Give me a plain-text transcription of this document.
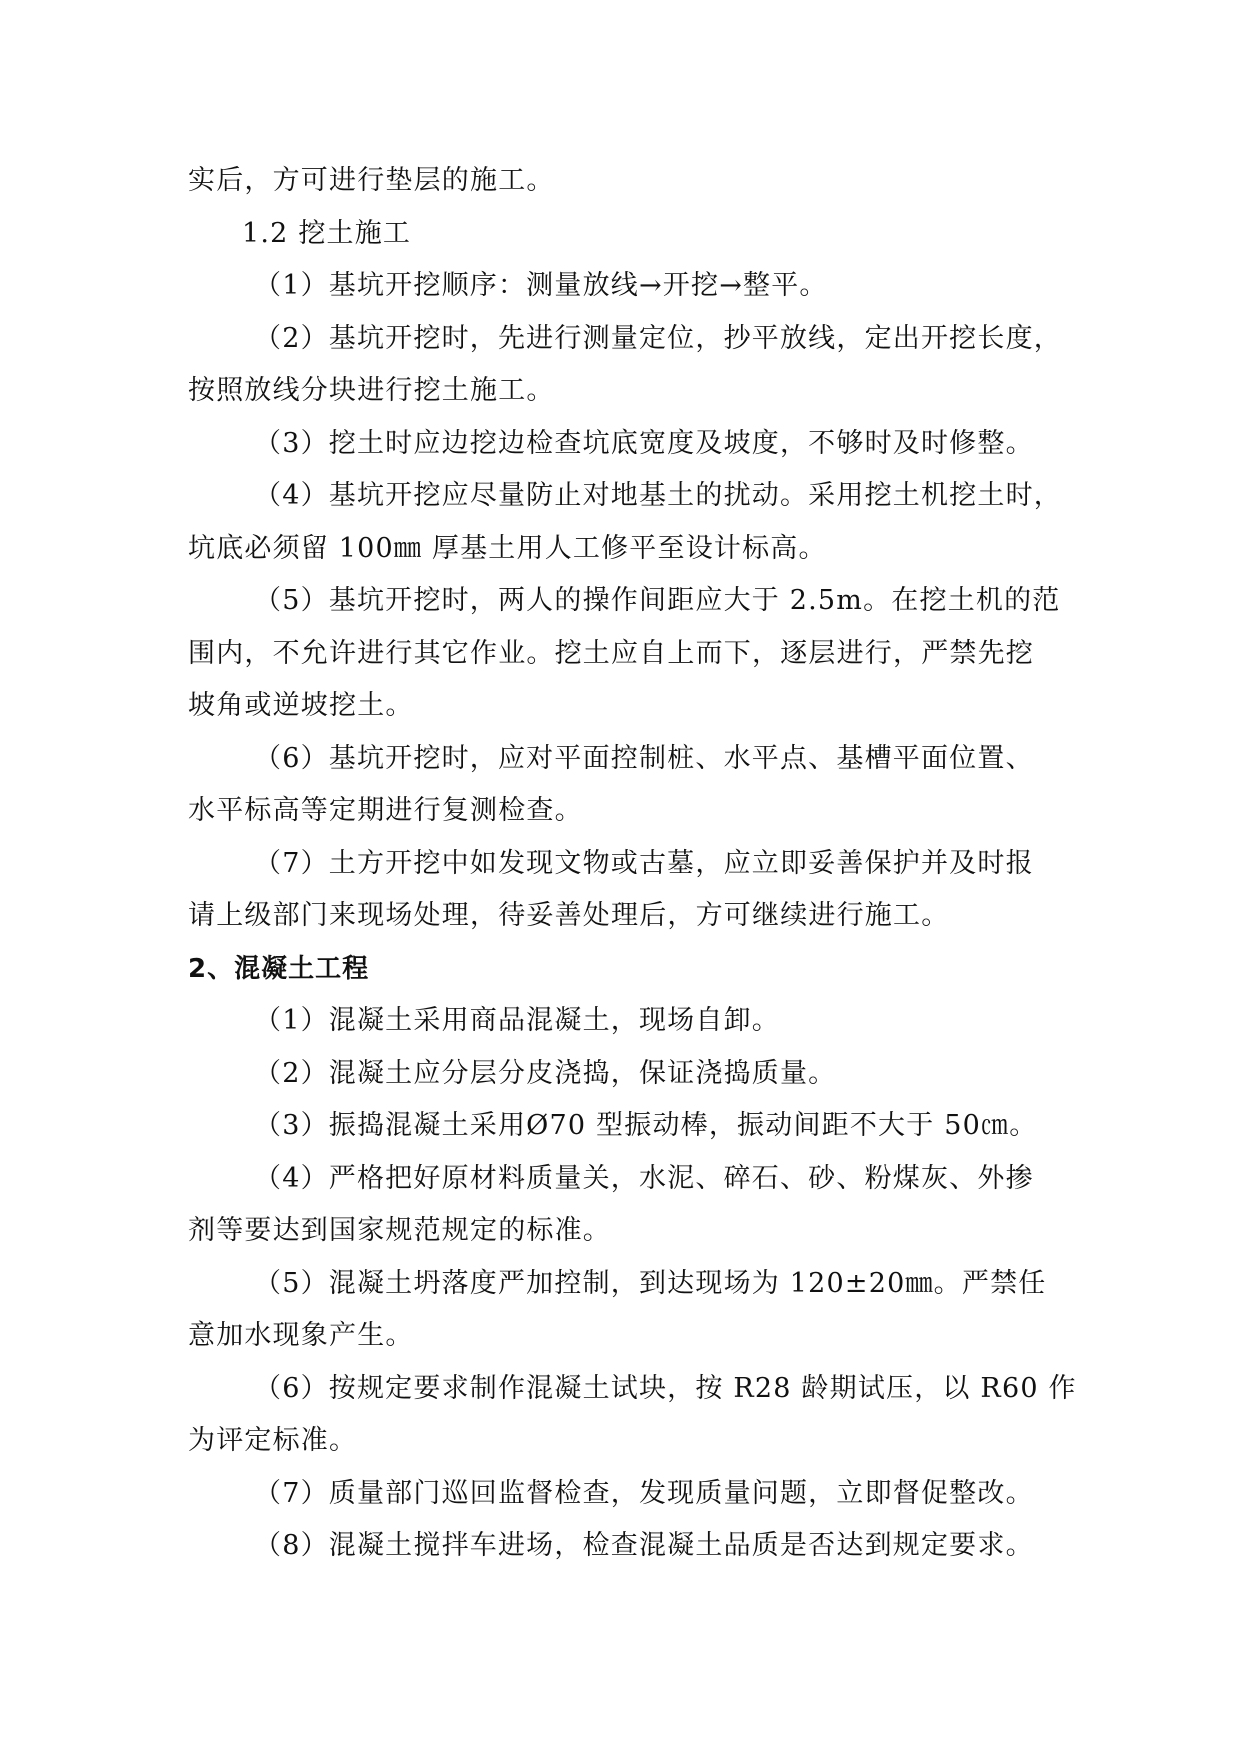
实后，方可进行垫层的施工。
1.2 挖土施工
（1）基坑开挖顺序：测量放线→开挖→整平。
（2）基坑开挖时，先进行测量定位，抄平放线，定出开挖长度，
按照放线分块进行挖土施工。
（3）挖土时应边挖边检查坑底宽度及坡度，不够时及时修整。
（4）基坑开挖应尽量防止对地基土的扰动。采用挖土机挖土时，
坑底必须留 100㎜ 厚基土用人工修平至设计标高。
（5）基坑开挖时，两人的操作间距应大于 2.5m。在挖土机的范
围内，不允许进行其它作业。挖土应自上而下，逐层进行，严禁先挖
坡角或逆坡挖土。
（6）基坑开挖时，应对平面控制桩、水平点、基槽平面位置、
水平标高等定期进行复测检查。
（7）土方开挖中如发现文物或古墓，应立即妥善保护并及时报
请上级部门来现场处理，待妥善处理后，方可继续进行施工。
2、混凝土工程
（1）混凝土采用商品混凝土，现场自卸。
（2）混凝土应分层分皮浇捣，保证浇捣质量。
（3）振捣混凝土采用Ø70 型振动棒，振动间距不大于 50㎝。
（4）严格把好原材料质量关，水泥、碎石、砂、粉煤灰、外掺
剂等要达到国家规范规定的标准。
（5）混凝土坍落度严加控制，到达现场为 120±20㎜。严禁任
意加水现象产生。
（6）按规定要求制作混凝土试块，按 R28 龄期试压，以 R60 作
为评定标准。
（7）质量部门巡回监督检查，发现质量问题，立即督促整改。
（8）混凝土搅拌车进场，检查混凝土品质是否达到规定要求。
